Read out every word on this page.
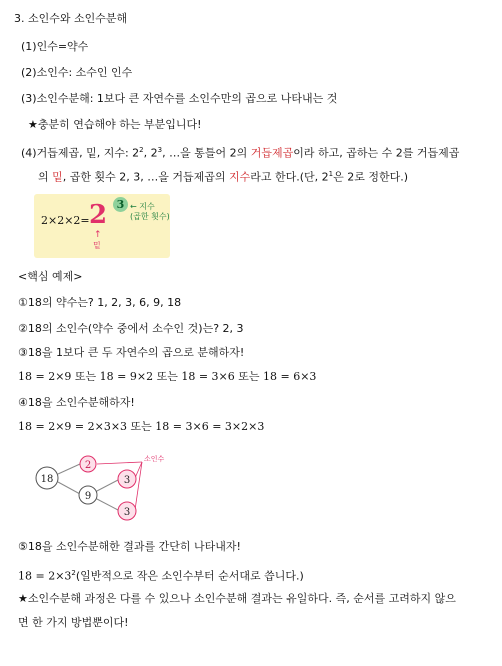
3. 소인수와 소인수분해
(1)인수=약수
(2)소인수: 소수인 인수
(3)소인수분해: 1보다 큰 자연수를 소인수만의 곱으로 나타내는 것
★충분히 연습해야 하는 부분입니다!
(4)거듭제곱, 밑, 지수: $2^2$, $2^3$, …을 통틀어 2의 거듭제곱이라 하고, 곱하는 수 2를 거듭제곱
의 밑, 곱한 횟수 2, 3, …을 거듭제곱의 지수라고 한다.(단, $2^1$은 2로 정한다.)
2×2×2= 2 3 ← 지수
(곱한 횟수)
↑
밑
<핵심 예제>
①18의 약수는? 1, 2, 3, 6, 9, 18
②18의 소인수(약수 중에서 소수인 것)는? 2, 3
③18을 1보다 큰 두 자연수의 곱으로 분해하자!
18 = 2×9 또는 18 = 9×2 또는 18 = 3×6 또는 18 = 6×3
④18을 소인수분해하자!
18 = 2×9 = 2×3×3 또는 18 = 3×6 = 3×2×3
18
2
9
3
3
소인수
⑤18을 소인수분해한 결과를 간단히 나타내자!
$18 = 2\times 3^2$(일반적으로 작은 소인수부터 순서대로 씁니다.)
★소인수분해 과정은 다를 수 있으나 소인수분해 결과는 유일하다. 즉, 순서를 고려하지 않으
면 한 가지 방법뿐이다!
